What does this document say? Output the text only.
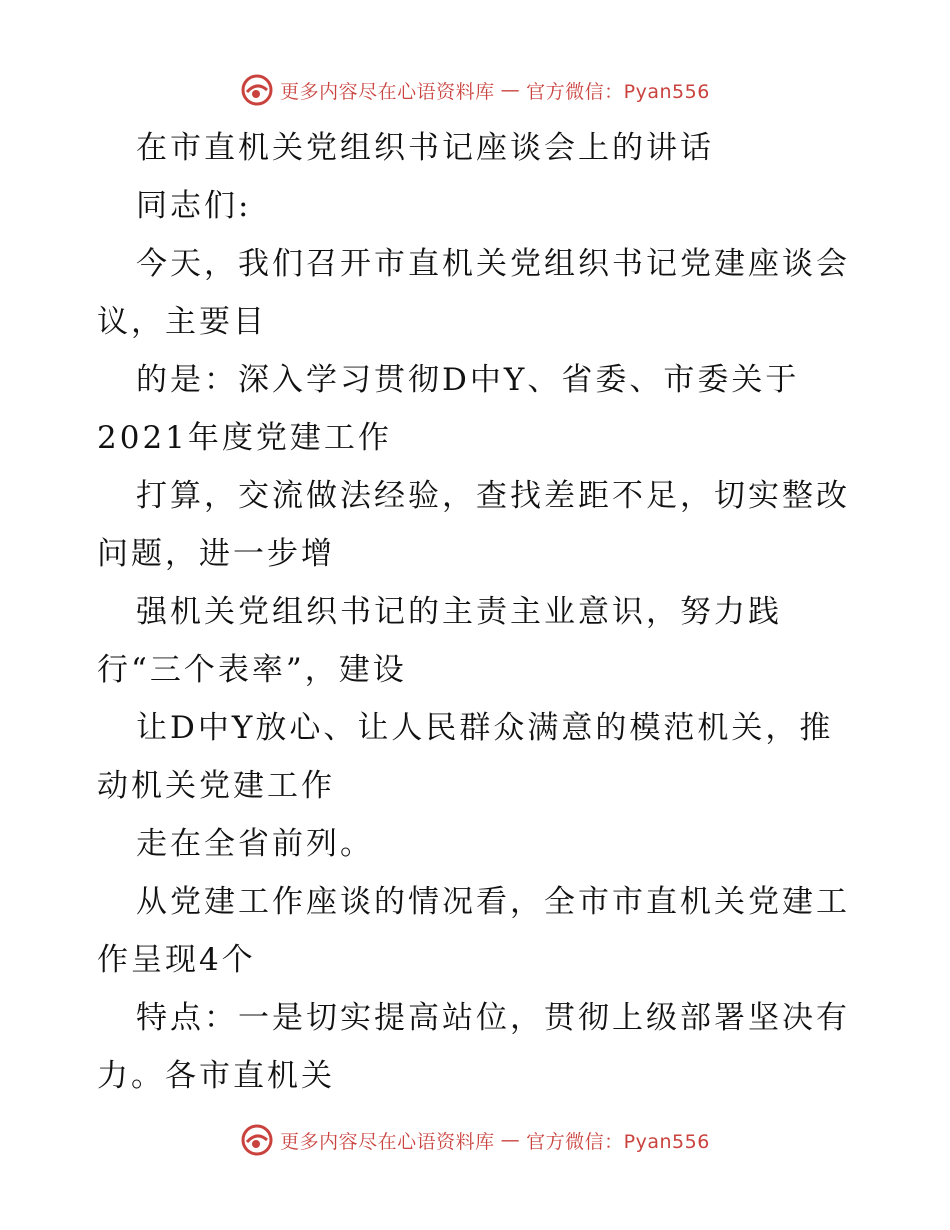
更多内容尽在心语资料库 — 官方微信：Pyan556
在市直机关党组织书记座谈会上的讲话
同志们:
今天，我们召开市直机关党组织书记党建座谈会
议，主要目
的是：深入学习贯彻D中Y、省委、市委关于
2021年度党建工作
打算，交流做法经验，查找差距不足，切实整改
问题，进一步增
强机关党组织书记的主责主业意识，努力践
行“三个表率”，建设
让D中Y放心、让人民群众满意的模范机关，推
动机关党建工作
走在全省前列。
从党建工作座谈的情况看，全市市直机关党建工
作呈现4个
特点：一是切实提高站位，贯彻上级部署坚决有
力。各市直机关
更多内容尽在心语资料库 — 官方微信：Pyan556
